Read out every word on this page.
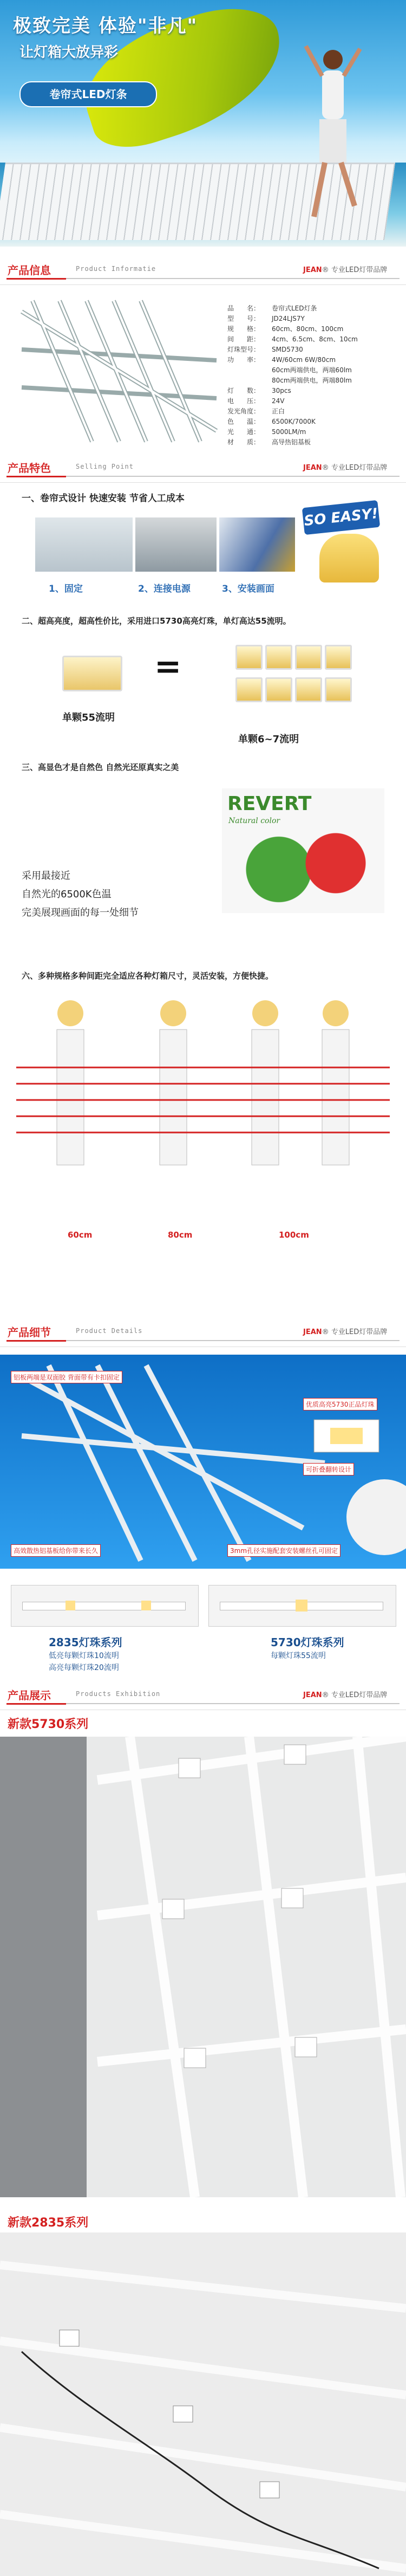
极致完美 体验"非凡"
让灯箱大放异彩
卷帘式LED灯条
产品信息	Product Informatie	JEAN® 专业LED灯带品牌
品　　名： 卷帘式LED灯条
型　　号： JD24LJS7Y
规　　格： 60cm、80cm、100cm
间　　距： 4cm、6.5cm、8cm、10cm
灯珠型号： SMD5730
功　　率： 4W/60cm 6W/80cm
60cm两端供电，两端60lm
80cm两端供电，两端80lm
灯　　数： 30pcs
电　　压： 24V
发光角度： 正白
色　　温： 6500K/7000K
光　　通： 5000LM/m
材　　质： 高导热铝基板
产品特色	Selling Point	JEAN® 专业LED灯带品牌
一、卷帘式设计 快速安装 节省人工成本
SO EASY!
1、固定	2、连接电源	3、安装画面
二、超高亮度，超高性价比，采用进口5730高亮灯珠，单灯高达55流明。
=
单颗55流明
单颗6~7流明
三、高显色才是自然色 自然光还原真实之美
REVERT
Natural color
采用最接近
自然光的6500K色温
完美展现画面的每一处细节
六、多种规格多种间距完全适应各种灯箱尺寸，灵活安装，方便快捷。
60cm	80cm	100cm
产品细节	Product Details	JEAN® 专业LED灯带品牌
铝板两端是双面胶 背面带有卡扣固定
优质高亮5730正品灯珠
可折叠翻转设计
高效散热铝基板给你带来长久	3mm孔径实施配套安装螺丝孔可固定
2835灯珠系列
低亮每颗灯珠10流明
高亮每颗灯珠20流明
5730灯珠系列
每颗灯珠55流明
产品展示	Products Exhibition	JEAN® 专业LED灯带品牌
新款5730系列
新款2835系列
